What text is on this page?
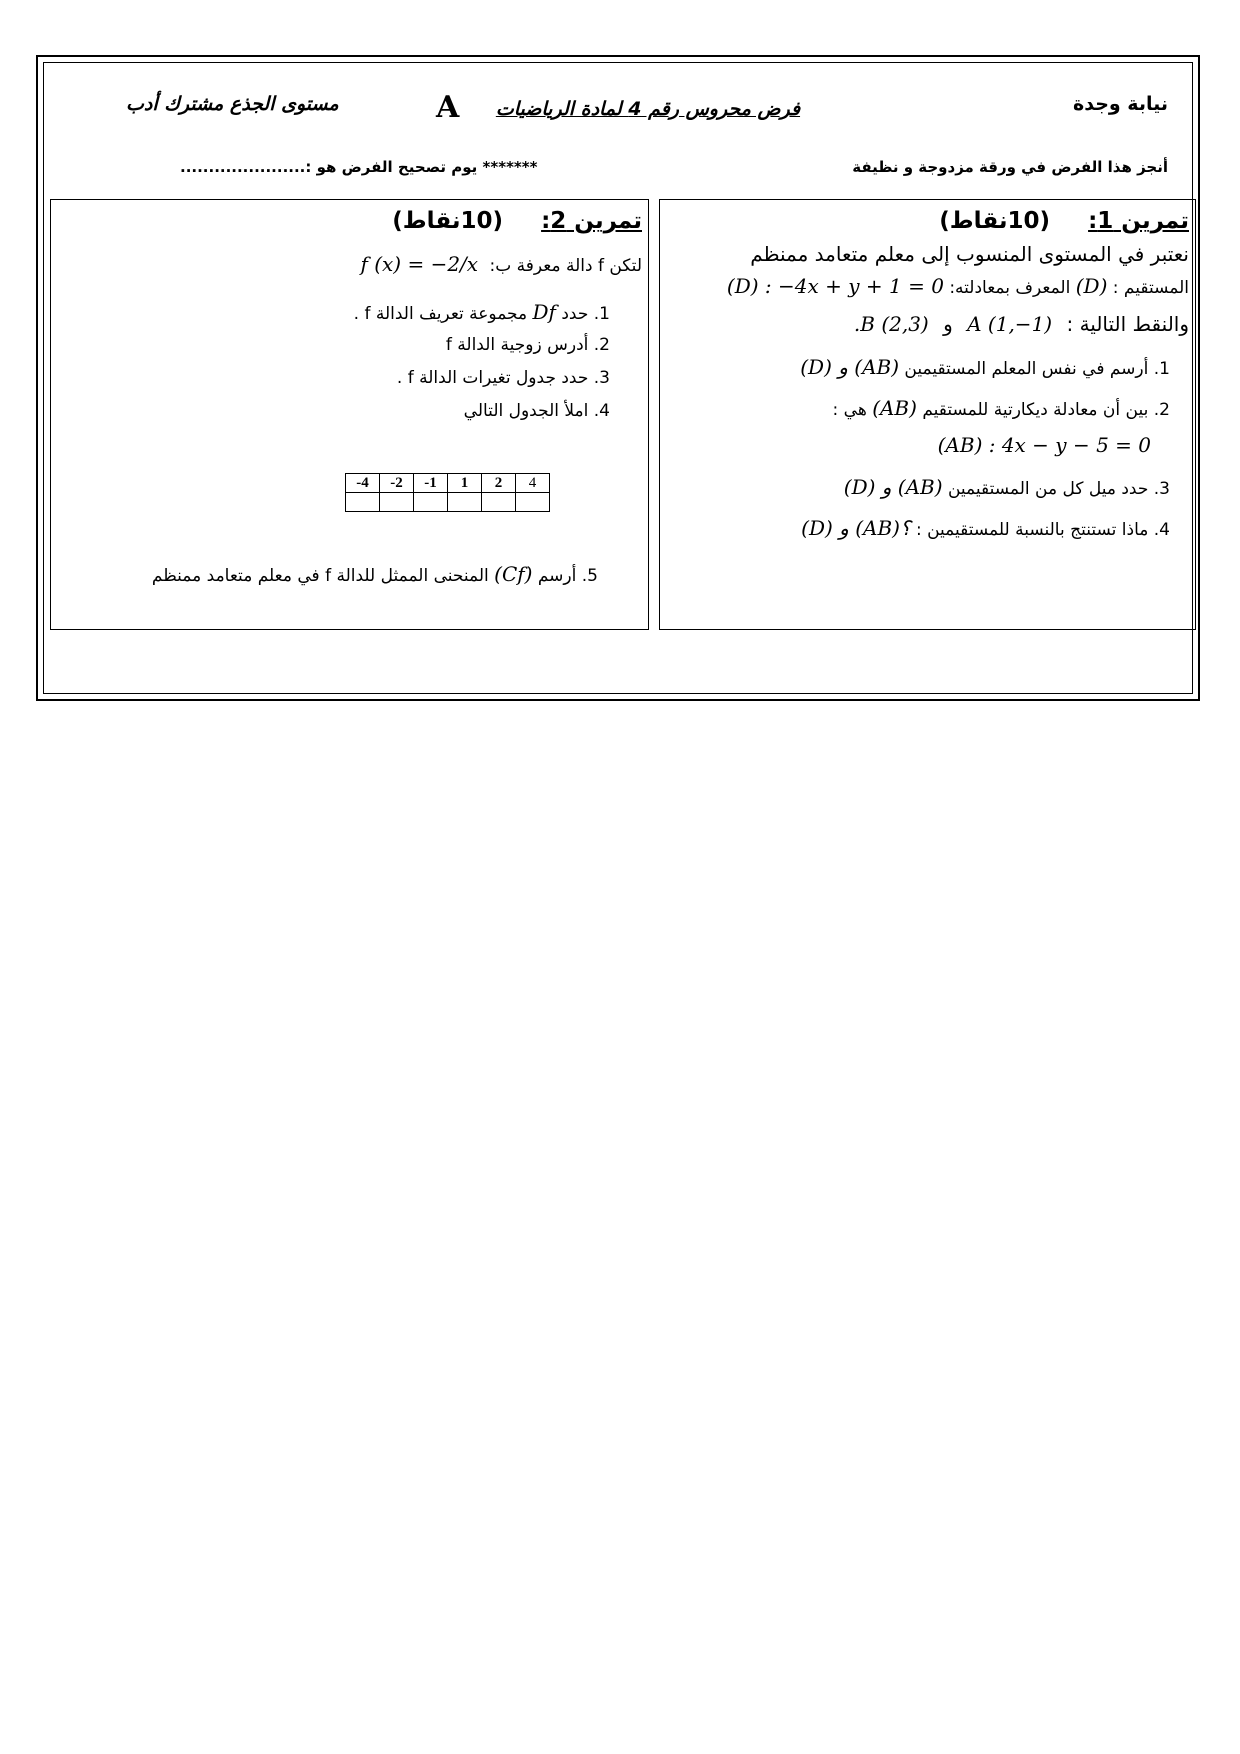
نيابة وجدة
فرض محروس رقم 4 لمادة الرياضيات A
مستوى الجذع مشترك أدب
أنجز هذا الفرض في ورقة مزدوجة و نظيفة
******* يوم تصحيح الفرض هو :......................
تمرين 1: (10نقاط)
نعتبر في المستوى المنسوب إلى معلم متعامد ممنظم
المستقيم : (D) المعرف بمعادلته: (D) : −4x + y + 1 = 0
والنقط التالية : A (1,−1) و .B (2,3)
1. أرسم في نفس المعلم المستقيمين (D) و (AB)
2. بين أن معادلة ديكارتية للمستقيم (AB) هي :
(AB) : 4x − y − 5 = 0
3. حدد ميل كل من المستقيمين (D) و (AB)
4. ماذا تستنتج بالنسبة للمستقيمين : (D) و (AB)؟
تمرين 2: (10نقاط)
لتكن f دالة معرفة ب: f (x) = −2/x
1. حدد Df مجموعة تعريف الدالة f .
2. أدرس زوجية الدالة f
3. حدد جدول تغيرات الدالة f .
4. املأ الجدول التالي
-4	-2	-1	1	2	4

5. أرسم (Cf) المنحنى الممثل للدالة f في معلم متعامد ممنظم
